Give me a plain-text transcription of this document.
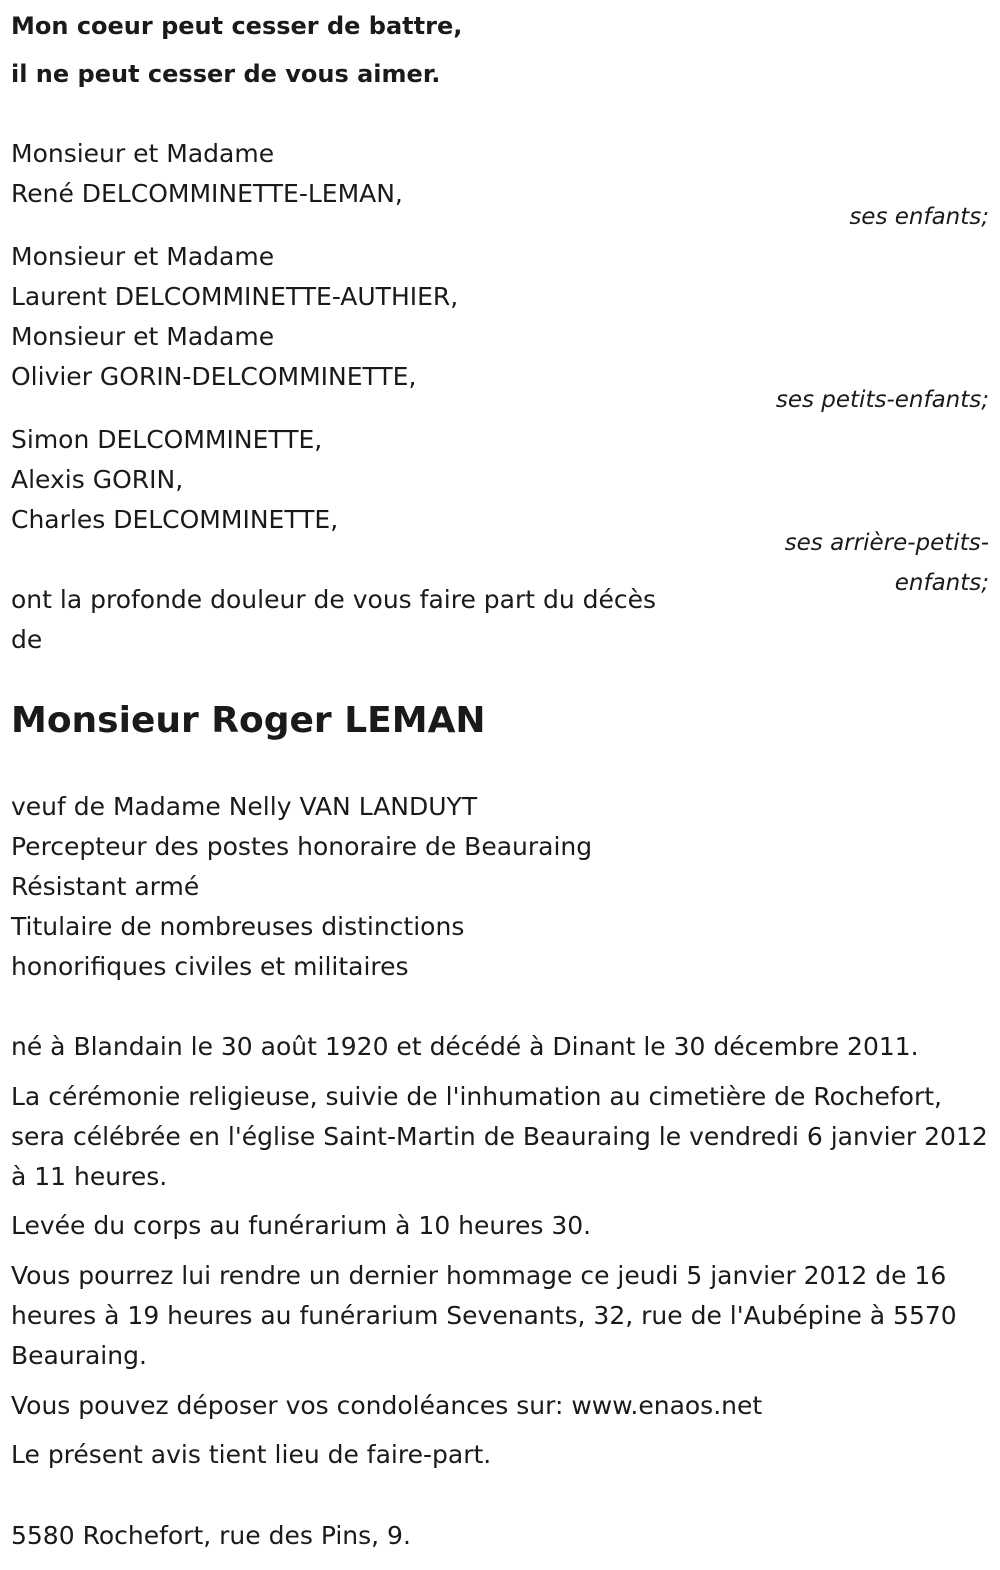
Mon coeur peut cesser de battre,
il ne peut cesser de vous aimer.
Monsieur et Madame
René DELCOMMINETTE-LEMAN,
ses enfants;
Monsieur et Madame
Laurent DELCOMMINETTE-AUTHIER,
Monsieur et Madame
Olivier GORIN-DELCOMMINETTE,
ses petits-enfants;
Simon DELCOMMINETTE,
Alexis GORIN,
Charles DELCOMMINETTE,
ses arrière-petits-
enfants;
ont la profonde douleur de vous faire part du décès
de
Monsieur Roger LEMAN
veuf de Madame Nelly VAN LANDUYT
Percepteur des postes honoraire de Beauraing
Résistant armé
Titulaire de nombreuses distinctions
honorifiques civiles et militaires
né à Blandain le 30 août 1920 et décédé à Dinant le 30 décembre 2011.
La cérémonie religieuse, suivie de l'inhumation au cimetière de Rochefort, sera célébrée en l'église Saint-Martin de Beauraing le vendredi 6 janvier 2012 à 11 heures.
Levée du corps au funérarium à 10 heures 30.
Vous pourrez lui rendre un dernier hommage ce jeudi 5 janvier 2012 de 16 heures à 19 heures au funérarium Sevenants, 32, rue de l'Aubépine à 5570 Beauraing.
Vous pouvez déposer vos condoléances sur: www.enaos.net
Le présent avis tient lieu de faire-part.
5580 Rochefort, rue des Pins, 9.
